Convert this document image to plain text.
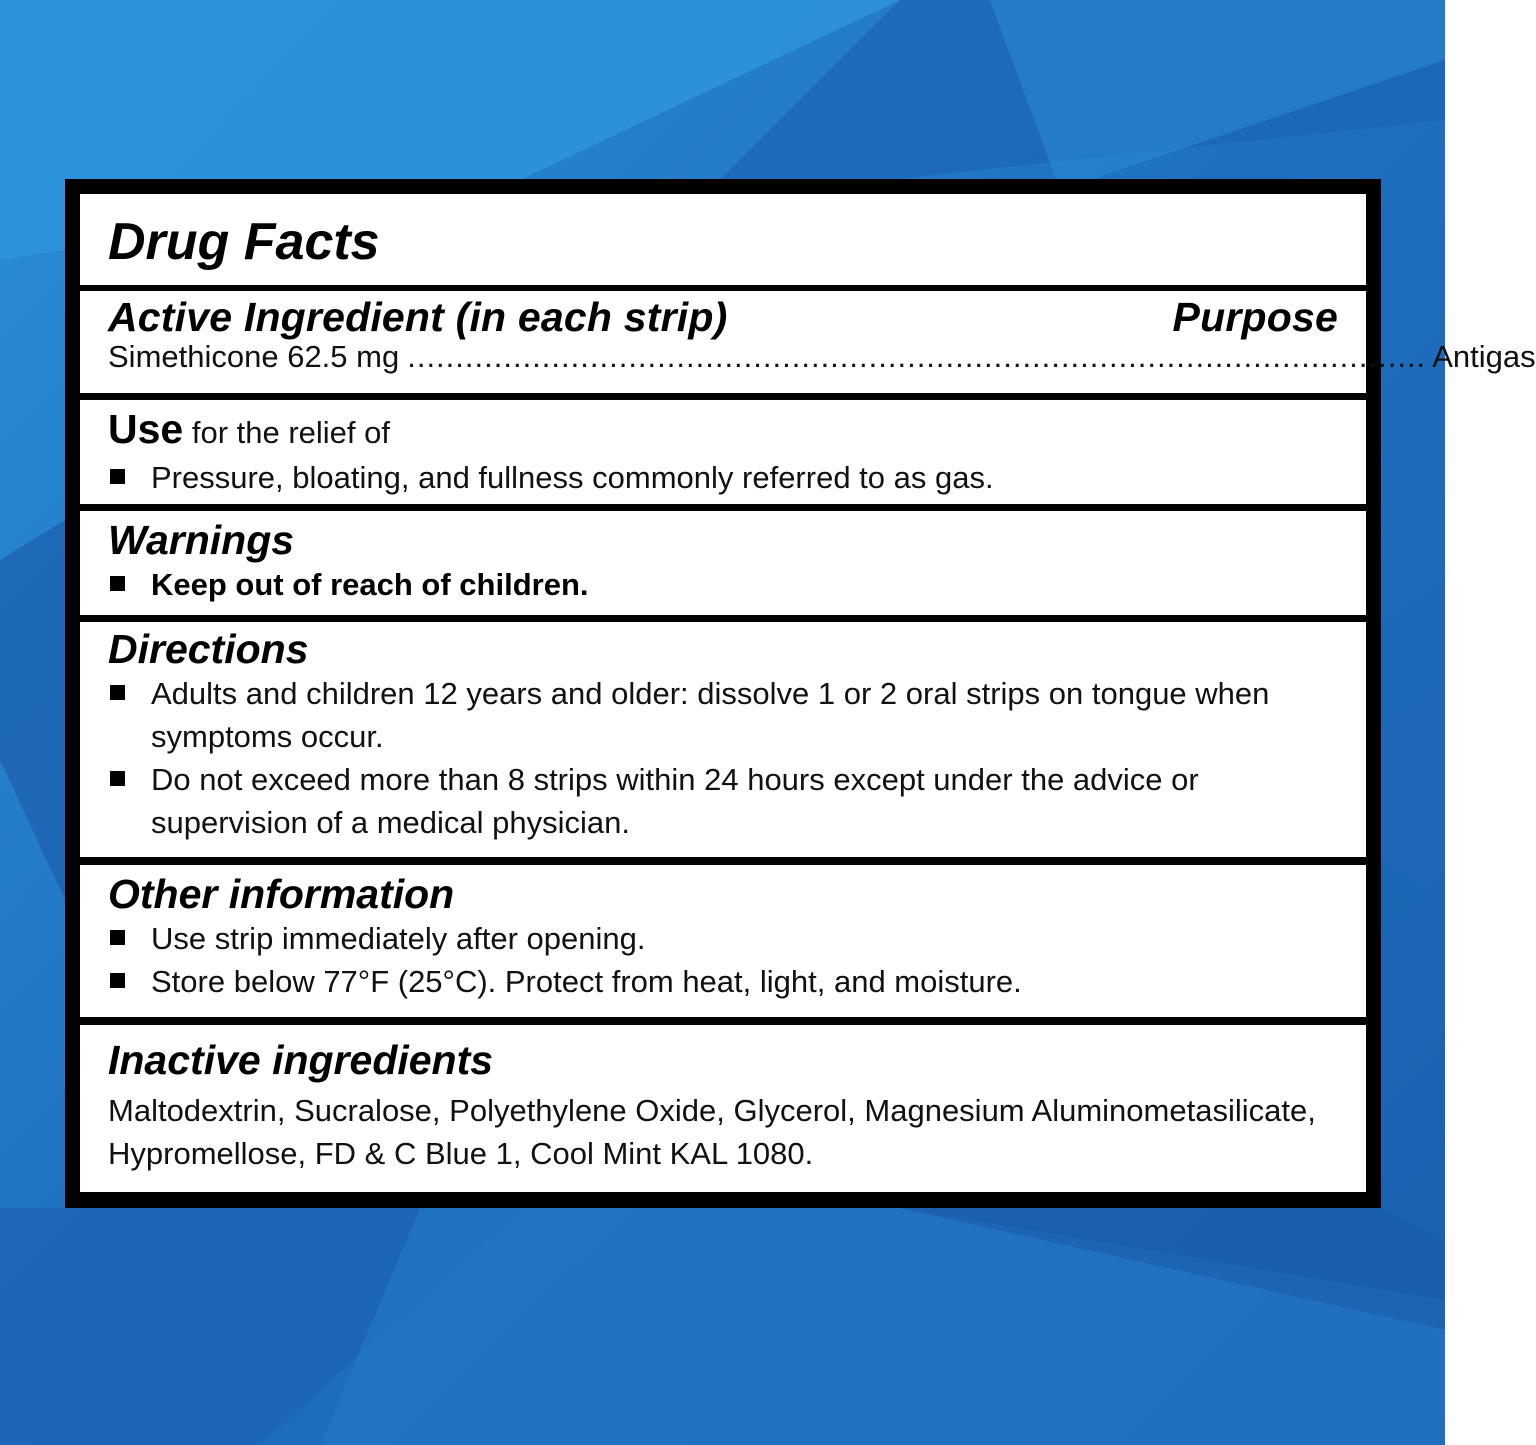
Drug Facts
Active Ingredient (in each strip)	Purpose
Simethicone 62.5 mg .......................................................................................................... Antigas
Use for the relief of
Pressure, bloating, and fullness commonly referred to as gas.
Warnings
Keep out of reach of children.
Directions
Adults and children 12 years and older: dissolve 1 or 2 oral strips on tongue when symptoms occur.
Do not exceed more than 8 strips within 24 hours except under the advice or supervision of a medical physician.
Other information
Use strip immediately after opening.
Store below 77°F (25°C). Protect from heat, light, and moisture.
Inactive ingredients
Maltodextrin, Sucralose, Polyethylene Oxide, Glycerol, Magnesium Aluminometasilicate, Hypromellose, FD & C Blue 1, Cool Mint KAL 1080.
